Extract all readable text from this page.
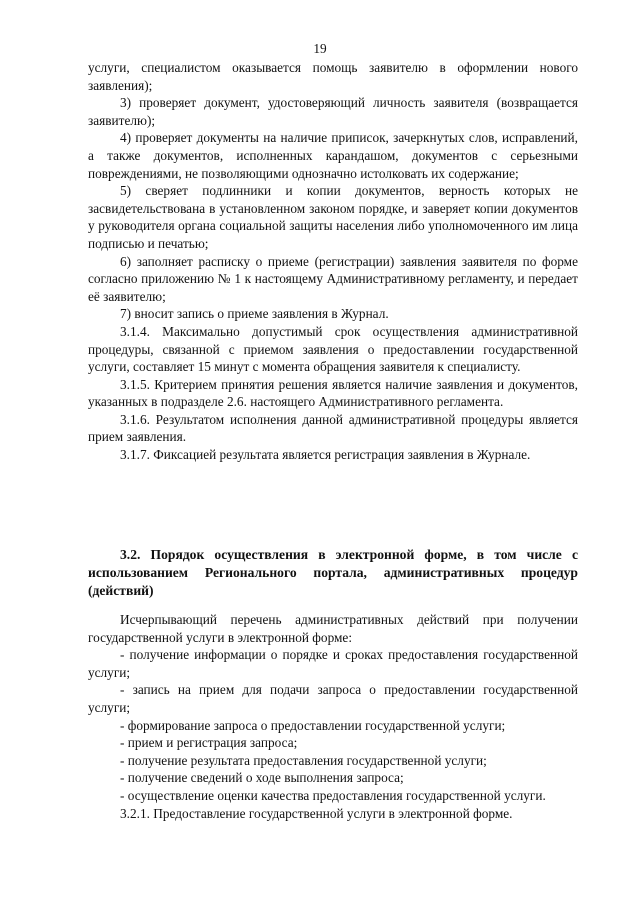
19

услуги, специалистом оказывается помощь заявителю в оформлении нового заявления);

3) проверяет документ, удостоверяющий личность заявителя (возвращается заявителю);

4) проверяет документы на наличие приписок, зачеркнутых слов, исправлений, а также документов, исполненных карандашом, документов с серьезными повреждениями, не позволяющими однозначно истолковать их содержание;

5) сверяет подлинники и копии документов, верность которых не засвидетельствована в установленном законом порядке, и заверяет копии документов у руководителя органа социальной защиты населения либо уполномоченного им лица подписью и печатью;

6) заполняет расписку о приеме (регистрации) заявления заявителя по форме согласно приложению № 1 к настоящему Административному регламенту, и передает её заявителю;

7) вносит запись о приеме заявления в Журнал.

3.1.4. Максимально допустимый срок осуществления административной процедуры, связанной с приемом заявления о предоставлении государственной услуги, составляет 15 минут с момента обращения заявителя к специалисту.

3.1.5. Критерием принятия решения является наличие заявления и документов, указанных в подразделе 2.6. настоящего Административного регламента.

3.1.6. Результатом исполнения данной административной процедуры является прием заявления.

3.1.7. Фиксацией результата является регистрация заявления в Журнале.

3.2. Порядок осуществления в электронной форме, в том числе с использованием Регионального портала, административных процедур (действий)

Исчерпывающий перечень административных действий при получении государственной услуги в электронной форме:

- получение информации о порядке и сроках предоставления государственной услуги;

- запись на прием для подачи запроса о предоставлении государственной услуги;

- формирование запроса о предоставлении государственной услуги;

- прием и регистрация запроса;

- получение результата предоставления государственной услуги;

- получение сведений о ходе выполнения запроса;

- осуществление оценки качества предоставления государственной услуги.

3.2.1. Предоставление государственной услуги в электронной форме.
